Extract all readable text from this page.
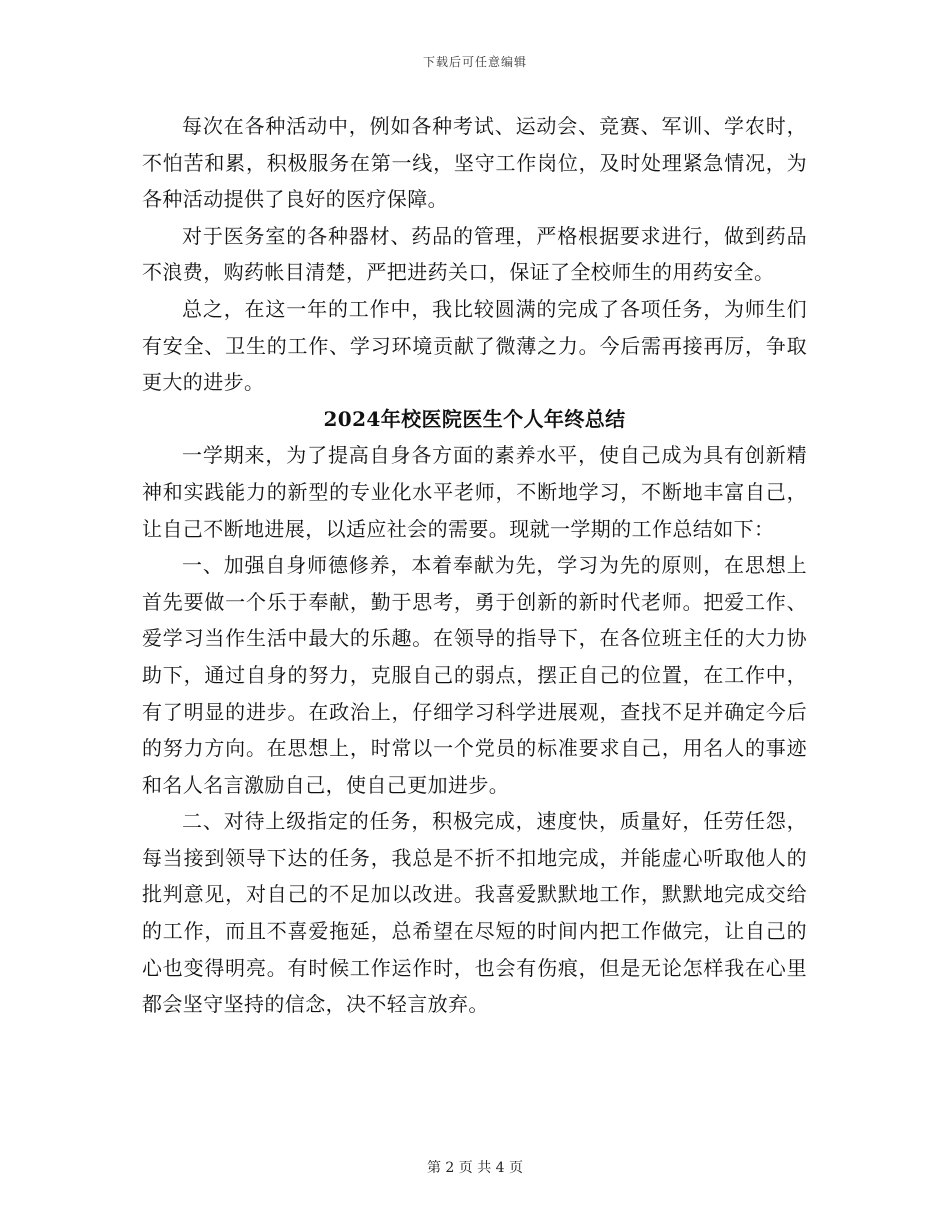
下载后可任意编辑

每次在各种活动中，例如各种考试、运动会、竞赛、军训、学农时，不怕苦和累，积极服务在第一线，坚守工作岗位，及时处理紧急情况，为各种活动提供了良好的医疗保障。

对于医务室的各种器材、药品的管理，严格根据要求进行，做到药品不浪费，购药帐目清楚，严把进药关口，保证了全校师生的用药安全。

总之，在这一年的工作中，我比较圆满的完成了各项任务，为师生们有安全、卫生的工作、学习环境贡献了微薄之力。今后需再接再厉，争取更大的进步。

2024年校医院医生个人年终总结

一学期来，为了提高自身各方面的素养水平，使自己成为具有创新精神和实践能力的新型的专业化水平老师，不断地学习，不断地丰富自己，让自己不断地进展，以适应社会的需要。现就一学期的工作总结如下：

一、加强自身师德修养，本着奉献为先，学习为先的原则，在思想上首先要做一个乐于奉献，勤于思考，勇于创新的新时代老师。把爱工作、爱学习当作生活中最大的乐趣。在领导的指导下，在各位班主任的大力协助下，通过自身的努力，克服自己的弱点，摆正自己的位置，在工作中，有了明显的进步。在政治上，仔细学习科学进展观，查找不足并确定今后的努力方向。在思想上，时常以一个党员的标准要求自己，用名人的事迹和名人名言激励自己，使自己更加进步。

二、对待上级指定的任务，积极完成，速度快，质量好，任劳任怨，每当接到领导下达的任务，我总是不折不扣地完成，并能虚心听取他人的批判意见，对自己的不足加以改进。我喜爱默默地工作，默默地完成交给的工作，而且不喜爱拖延，总希望在尽短的时间内把工作做完，让自己的心也变得明亮。有时候工作运作时，也会有伤痕，但是无论怎样我在心里都会坚守坚持的信念，决不轻言放弃。

第 2 页 共 4 页
